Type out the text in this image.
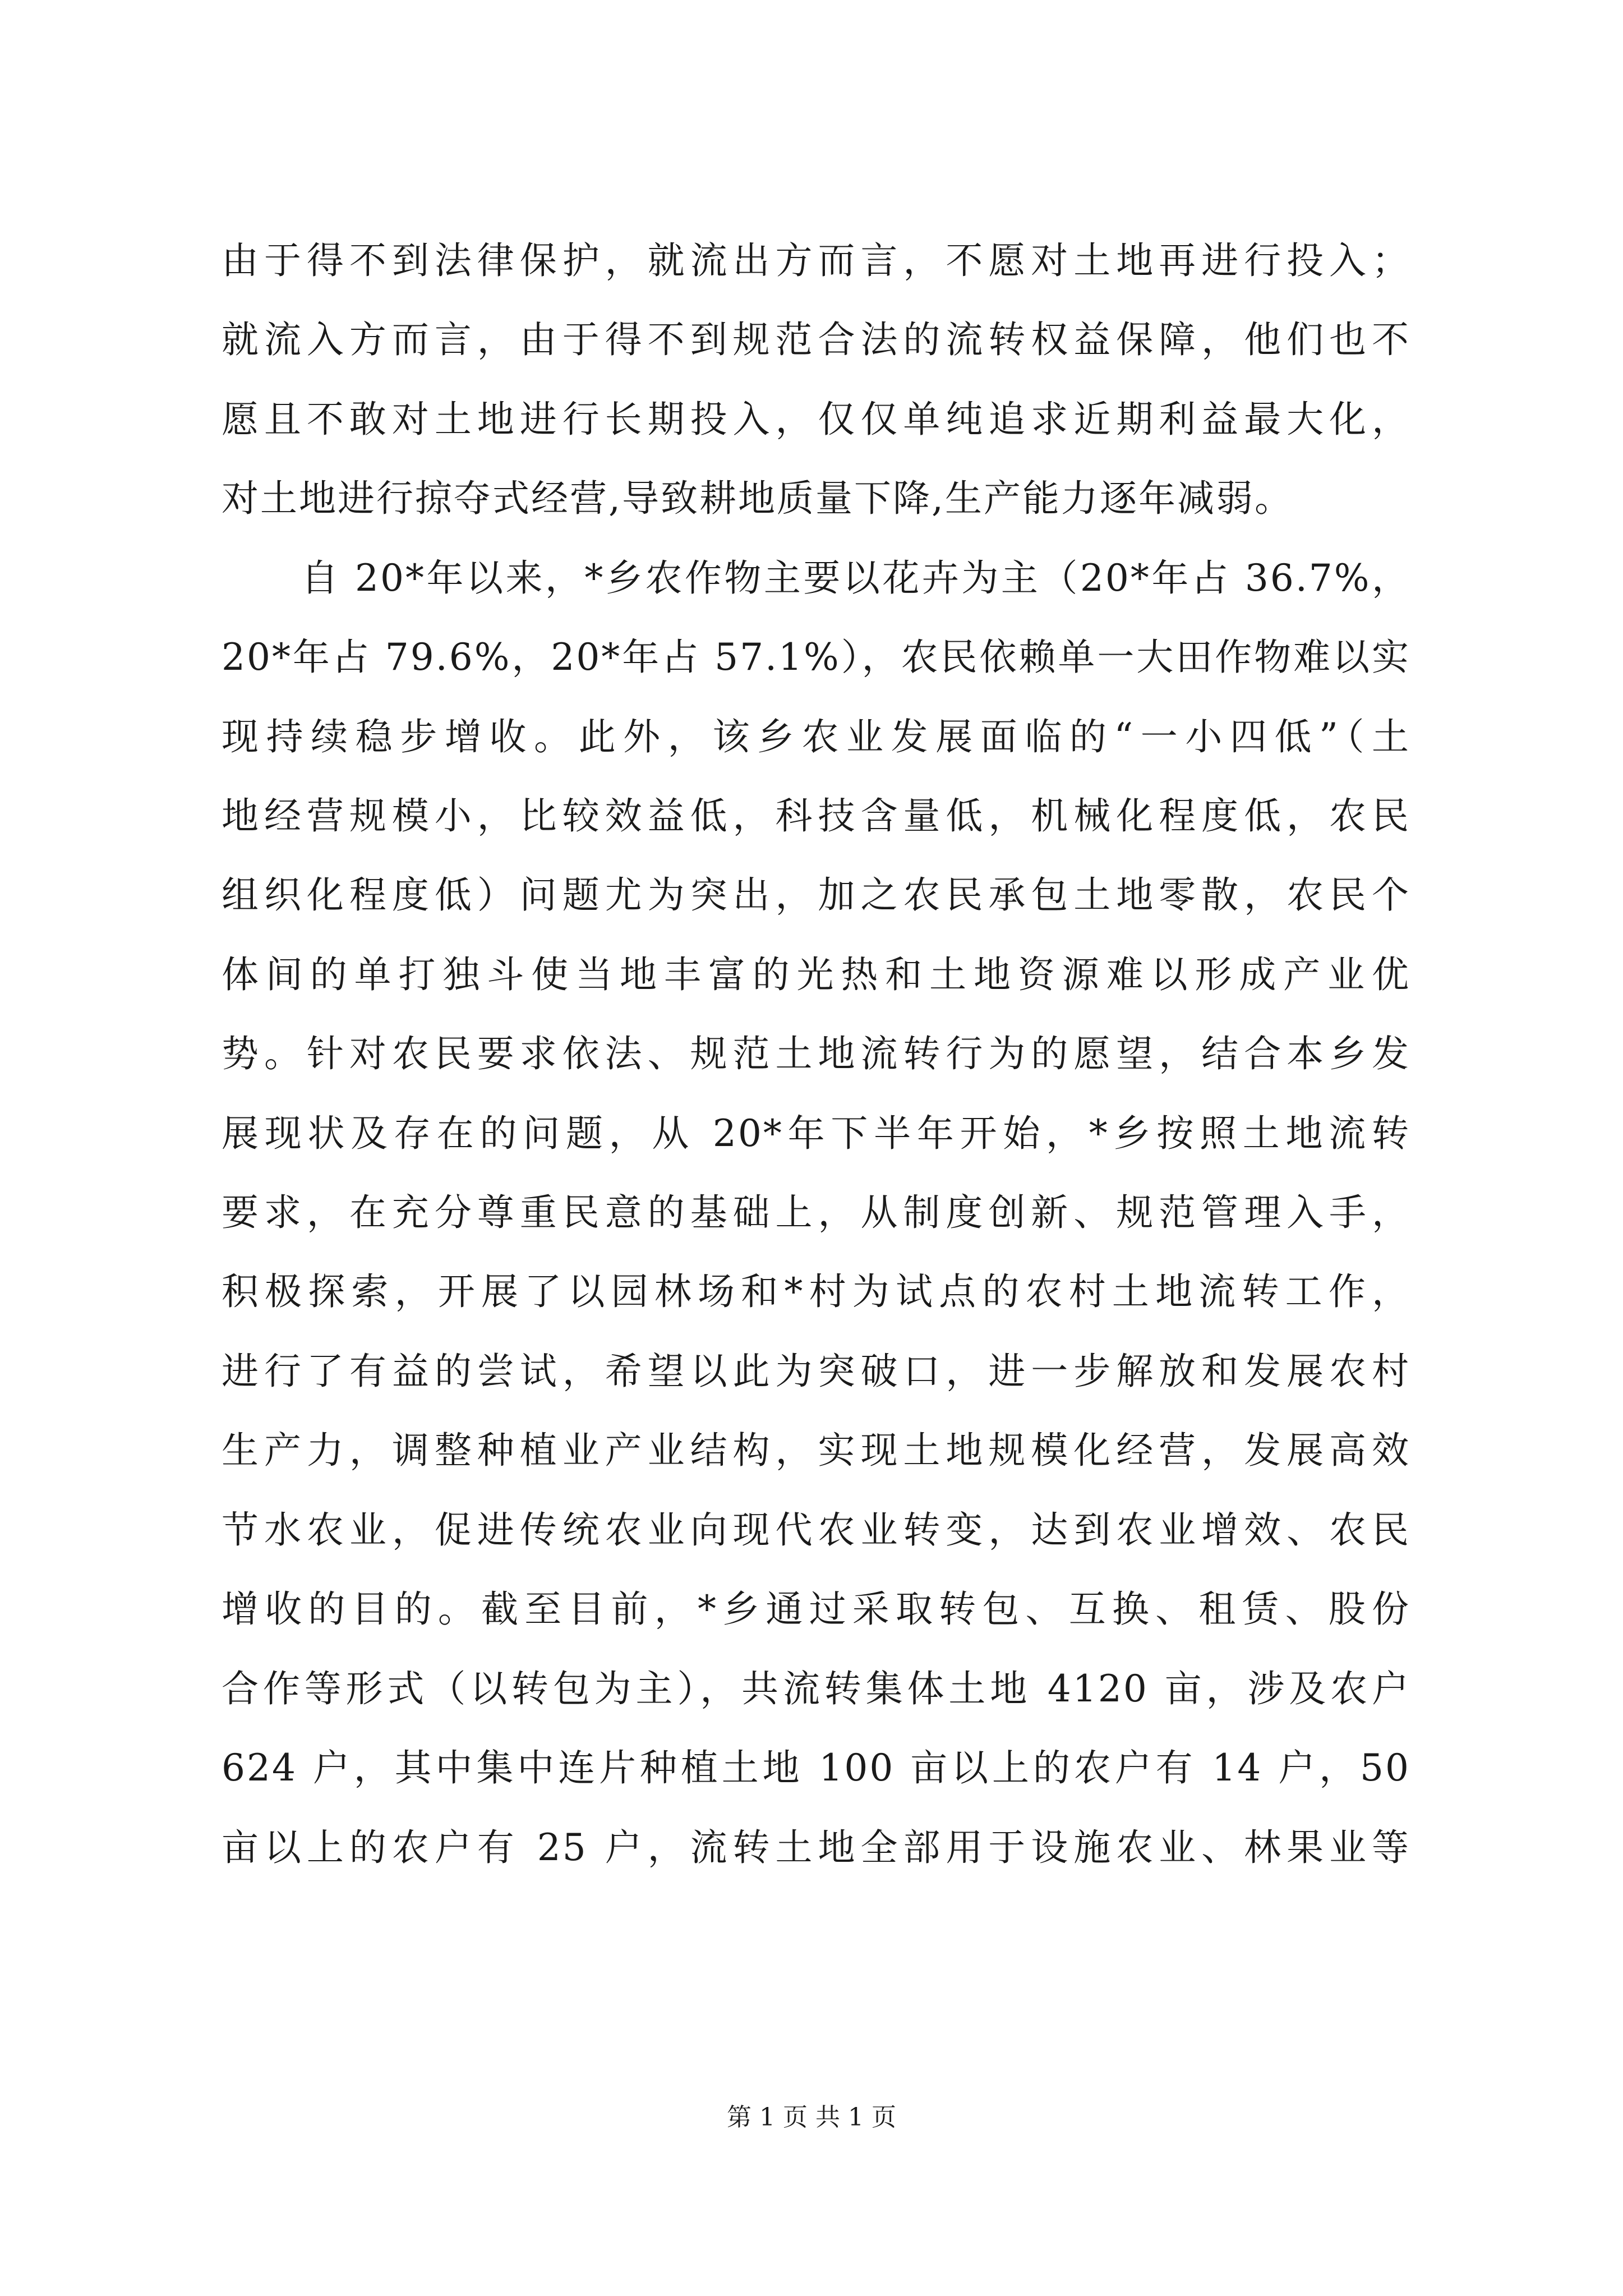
由于得不到法律保护，就流出方而言，不愿对土地再进行投入；
就流入方而言，由于得不到规范合法的流转权益保障，他们也不
愿且不敢对土地进行长期投入，仅仅单纯追求近期利益最大化，
对土地进行掠夺式经营,导致耕地质量下降,生产能力逐年减弱。
自 20*年以来，*乡农作物主要以花卉为主（20*年占 36.7%，
20*年占 79.6%，20*年占 57.1%），农民依赖单一大田作物难以实
现持续稳步增收。此外，该乡农业发展面临的“一小四低”（土
地经营规模小，比较效益低，科技含量低，机械化程度低，农民
组织化程度低）问题尤为突出，加之农民承包土地零散，农民个
体间的单打独斗使当地丰富的光热和土地资源难以形成产业优
势。针对农民要求依法、规范土地流转行为的愿望，结合本乡发
展现状及存在的问题，从 20*年下半年开始，*乡按照土地流转
要求，在充分尊重民意的基础上，从制度创新、规范管理入手，
积极探索，开展了以园林场和*村为试点的农村土地流转工作，
进行了有益的尝试，希望以此为突破口，进一步解放和发展农村
生产力，调整种植业产业结构，实现土地规模化经营，发展高效
节水农业，促进传统农业向现代农业转变，达到农业增效、农民
增收的目的。截至目前，*乡通过采取转包、互换、租赁、股份
合作等形式（以转包为主），共流转集体土地 4120 亩，涉及农户
624 户，其中集中连片种植土地 100 亩以上的农户有 14 户，50
亩以上的农户有 25 户，流转土地全部用于设施农业、林果业等
第 1 页 共 1 页
